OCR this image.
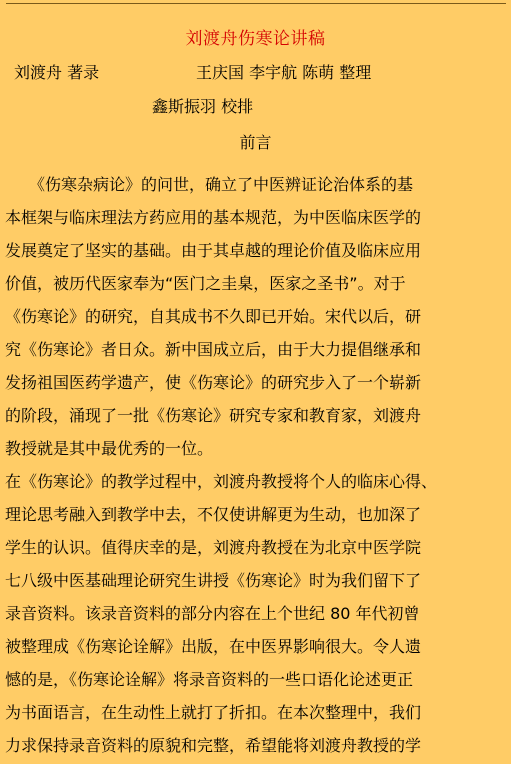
刘渡舟伤寒论讲稿
刘渡舟 著录	王庆国 李宇航 陈萌 整理
鑫斯振羽 校排
前言
　　《伤寒杂病论》的问世，确立了中医辨证论治体系的基
本框架与临床理法方药应用的基本规范，为中医临床医学的
发展奠定了坚实的基础。由于其卓越的理论价值及临床应用
价值，被历代医家奉为“医门之圭臬，医家之圣书”。对于
《伤寒论》的研究，自其成书不久即已开始。宋代以后，研
究《伤寒论》者日众。新中国成立后，由于大力提倡继承和
发扬祖国医药学遗产，使《伤寒论》的研究步入了一个崭新
的阶段，涌现了一批《伤寒论》研究专家和教育家，刘渡舟
教授就是其中最优秀的一位。
在《伤寒论》的教学过程中，刘渡舟教授将个人的临床心得、
理论思考融入到教学中去，不仅使讲解更为生动，也加深了
学生的认识。值得庆幸的是，刘渡舟教授在为北京中医学院
七八级中医基础理论研究生讲授《伤寒论》时为我们留下了
录音资料。该录音资料的部分内容在上个世纪 80 年代初曾
被整理成《伤寒论诠解》出版，在中医界影响很大。令人遗
憾的是，《伤寒论诠解》将录音资料的一些口语化论述更正
为书面语言，在生动性上就打了折扣。在本次整理中，我们
力求保持录音资料的原貌和完整，希望能将刘渡舟教授的学
